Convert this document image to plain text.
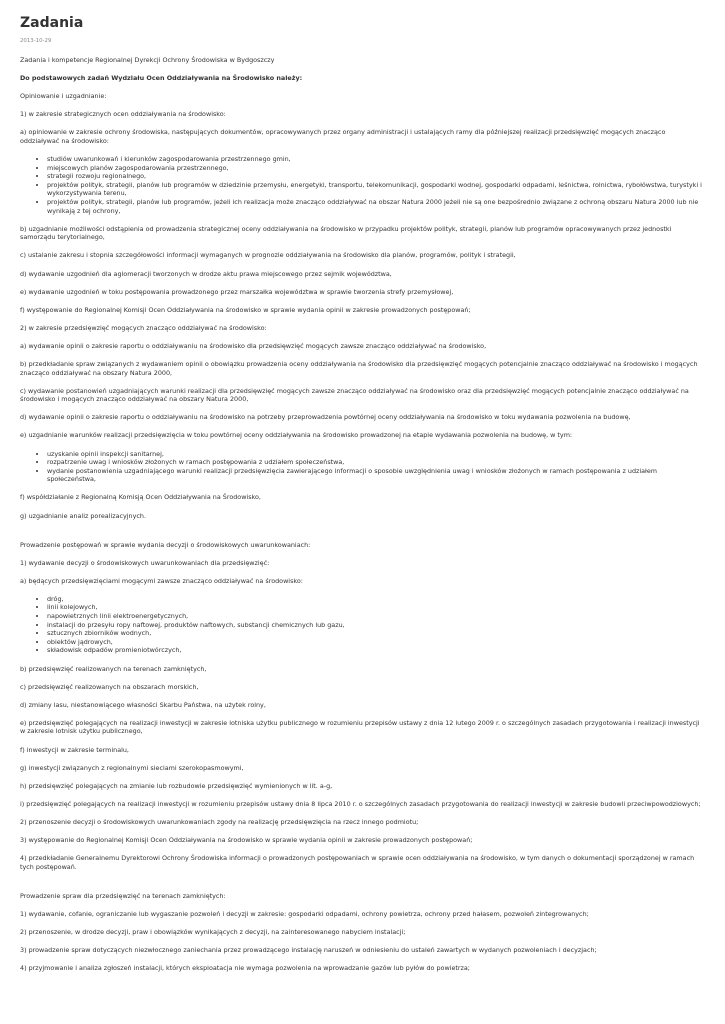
Zadania
2013-10-29

Zadania i kompetencje Regionalnej Dyrekcji Ochrony Środowiska w Bydgoszczy

Do podstawowych zadań Wydziału Ocen Oddziaływania na Środowisko należy:

Opiniowanie i uzgadnianie:

1) w zakresie strategicznych ocen oddziaływania na środowisko:

a) opiniowanie w zakresie ochrony środowiska, następujących dokumentów, opracowywanych przez organy administracji i ustalających ramy dla późniejszej realizacji przedsięwzięć mogących znacząco oddziaływać na środowisko:

• studiów uwarunkowań i kierunków zagospodarowania przestrzennego gmin,
• miejscowych planów zagospodarowania przestrzennego,
• strategii rozwoju regionalnego,
• projektów polityk, strategii, planów lub programów w dziedzinie przemysłu, energetyki, transportu, telekomunikacji, gospodarki wodnej, gospodarki odpadami, leśnictwa, rolnictwa, rybołówstwa, turystyki i wykorzystywania terenu,
• projektów polityk, strategii, planów lub programów, jeżeli ich realizacja może znacząco oddziaływać na obszar Natura 2000 jeżeli nie są one bezpośrednio związane z ochroną obszaru Natura 2000 lub nie wynikają z tej ochrony,

b) uzgadnianie możliwości odstąpienia od prowadzenia strategicznej oceny oddziaływania na środowisko w przypadku projektów polityk, strategii, planów lub programów opracowywanych przez jednostki samorządu terytorialnego,

c) ustalanie zakresu i stopnia szczegółowości informacji wymaganych w prognozie oddziaływania na środowisko dla planów, programów, polityk i strategii,

d) wydawanie uzgodnień dla aglomeracji tworzonych w drodze aktu prawa miejscowego przez sejmik województwa,

e) wydawanie uzgodnień w toku postępowania prowadzonego przez marszałka województwa w sprawie tworzenia strefy przemysłowej,

f) występowanie do Regionalnej Komisji Ocen Oddziaływania na środowisko w sprawie wydania opinii w zakresie prowadzonych postępowań;

2) w zakresie przedsięwzięć mogących znacząco oddziaływać na środowisko:

a) wydawanie opinii o zakresie raportu o oddziaływaniu na środowisko dla przedsięwzięć mogących zawsze znacząco oddziaływać na środowisko,

b) przedkładanie spraw związanych z wydawaniem opinii o obowiązku prowadzenia oceny oddziaływania na środowisko dla przedsięwzięć mogących potencjalnie znacząco oddziaływać na środowisko i mogących znacząco oddziaływać na obszary Natura 2000,

c) wydawanie postanowień uzgadniających warunki realizacji dla przedsięwzięć mogących zawsze znacząco oddziaływać na środowisko oraz dla przedsięwzięć mogących potencjalnie znacząco oddziaływać na środowisko i mogących znacząco oddziaływać na obszary Natura 2000,

d) wydawanie opinii o zakresie raportu o oddziaływaniu na środowisko na potrzeby przeprowadzenia powtórnej oceny oddziaływania na środowisko w toku wydawania pozwolenia na budowę,

e) uzgadnianie warunków realizacji przedsięwzięcia w toku powtórnej oceny oddziaływania na środowisko prowadzonej na etapie wydawania pozwolenia na budowę, w tym:

• uzyskanie opinii inspekcji sanitarnej,
• rozpatrzenie uwag i wniosków złożonych w ramach postępowania z udziałem społeczeństwa,
• wydanie postanowienia uzgadniającego warunki realizacji przedsięwzięcia zawierającego informacji o sposobie uwzględnienia uwag i wniosków złożonych w ramach postępowania z udziałem społeczeństwa,

f) współdziałanie z Regionalną Komisją Ocen Oddziaływania na Środowisko,

g) uzgadnianie analiz porealizacyjnych.

Prowadzenie postępowań w sprawie wydania decyzji o środowiskowych uwarunkowaniach:

1) wydawanie decyzji o środowiskowych uwarunkowaniach dla przedsięwzięć:

a) będących przedsięwzięciami mogącymi zawsze znacząco oddziaływać na środowisko:

• dróg,
• linii kolejowych,
• napowietrznych linii elektroenergetycznych,
• instalacji do przesyłu ropy naftowej, produktów naftowych, substancji chemicznych lub gazu,
• sztucznych zbiorników wodnych,
• obiektów jądrowych,
• składowisk odpadów promieniotwórczych,

b) przedsięwzięć realizowanych na terenach zamkniętych,

c) przedsięwzięć realizowanych na obszarach morskich,

d) zmiany lasu, niestanowiącego własności Skarbu Państwa, na użytek rolny,

e) przedsięwzięć polegających na realizacji inwestycji w zakresie lotniska użytku publicznego w rozumieniu przepisów ustawy z dnia 12 lutego 2009 r. o szczególnych zasadach przygotowania i realizacji inwestycji w zakresie lotnisk użytku publicznego,

f) inwestycji w zakresie terminalu,

g) inwestycji związanych z regionalnymi sieciami szerokopasmowymi,

h) przedsięwzięć polegających na zmianie lub rozbudowie przedsięwzięć wymienionych w lit. a-g,

i) przedsięwzięć polegających na realizacji inwestycji w rozumieniu przepisów ustawy dnia 8 lipca 2010 r. o szczególnych zasadach przygotowania do realizacji inwestycji w zakresie budowli przeciwpowodziowych;

2) przenoszenie decyzji o środowiskowych uwarunkowaniach zgody na realizację przedsięwzięcia na rzecz innego podmiotu;

3) występowanie do Regionalnej Komisji Ocen Oddziaływania na środowisko w sprawie wydania opinii w zakresie prowadzonych postępowań;

4) przedkładanie Generalnemu Dyrektorowi Ochrony Środowiska informacji o prowadzonych postępowaniach w sprawie ocen oddziaływania na środowisko, w tym danych o dokumentacji sporządzonej w ramach tych postępowań.

Prowadzenie spraw dla przedsięwzięć na terenach zamkniętych:

1) wydawanie, cofanie, ograniczanie lub wygaszanie pozwoleń i decyzji w zakresie: gospodarki odpadami, ochrony powietrza, ochrony przed hałasem, pozwoleń zintegrowanych;

2) przenoszenie, w drodze decyzji, praw i obowiązków wynikających z decyzji, na zainteresowanego nabyciem instalacji;

3) prowadzenie spraw dotyczących niezwłocznego zaniechania przez prowadzącego instalację naruszeń w odniesieniu do ustaleń zawartych w wydanych pozwoleniach i decyzjach;

4) przyjmowanie i analiza zgłoszeń instalacji, których eksploatacja nie wymaga pozwolenia na wprowadzanie gazów lub pyłów do powietrza;
